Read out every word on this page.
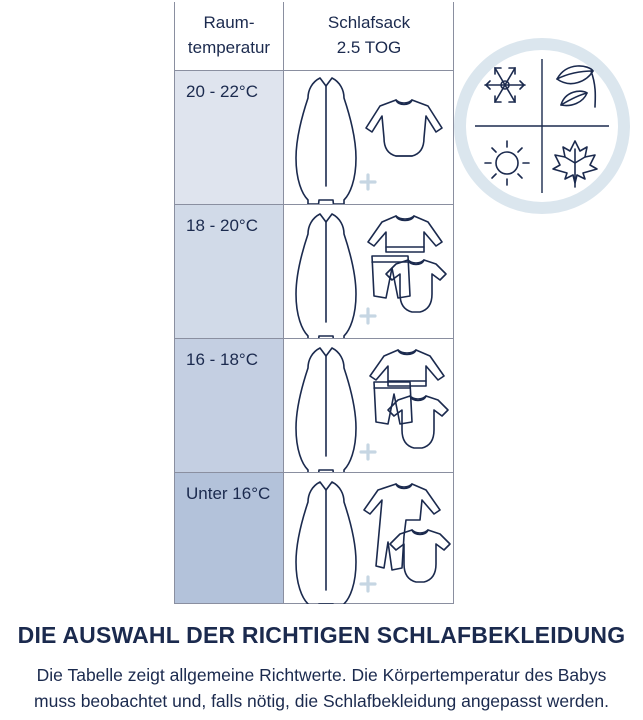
Raum-
temperatur
Schlafsack
2.5 TOG
20 - 22°C
18 - 20°C
16 - 18°C
Unter 16°C
DIE AUSWAHL DER RICHTIGEN SCHLAFBEKLEIDUNG
Die Tabelle zeigt allgemeine Richtwerte. Die Körpertemperatur des Babys
muss beobachtet und, falls nötig, die Schlafbekleidung angepasst werden.
